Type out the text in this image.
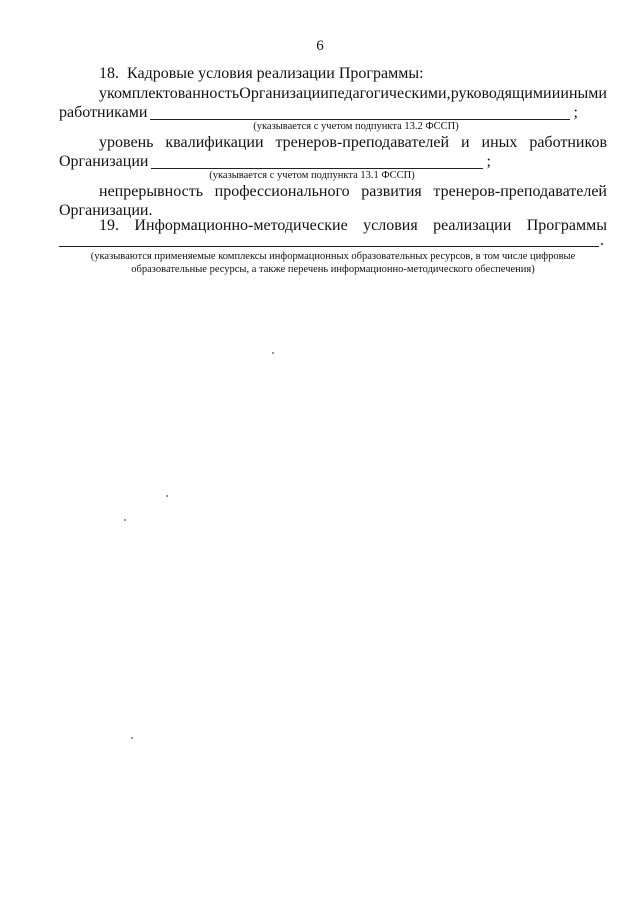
6
18. Кадровые условия реализации Программы:
укомплектованность Организации педагогическими, руководящими и иными
работниками	;
(указывается с учетом подпункта 13.2 ФССП)
уровень квалификации тренеров-преподавателей и иных работников
Организации	;
(указывается с учетом подпункта 13.1 ФССП)
непрерывность профессионального развития тренеров-преподавателей
Организации.
19. Информационно-методические условия реализации Программы
.
(указываются применяемые комплексы информационных образовательных ресурсов, в том числе цифровые
образовательные ресурсы, а также перечень информационно-методического обеспечения)
